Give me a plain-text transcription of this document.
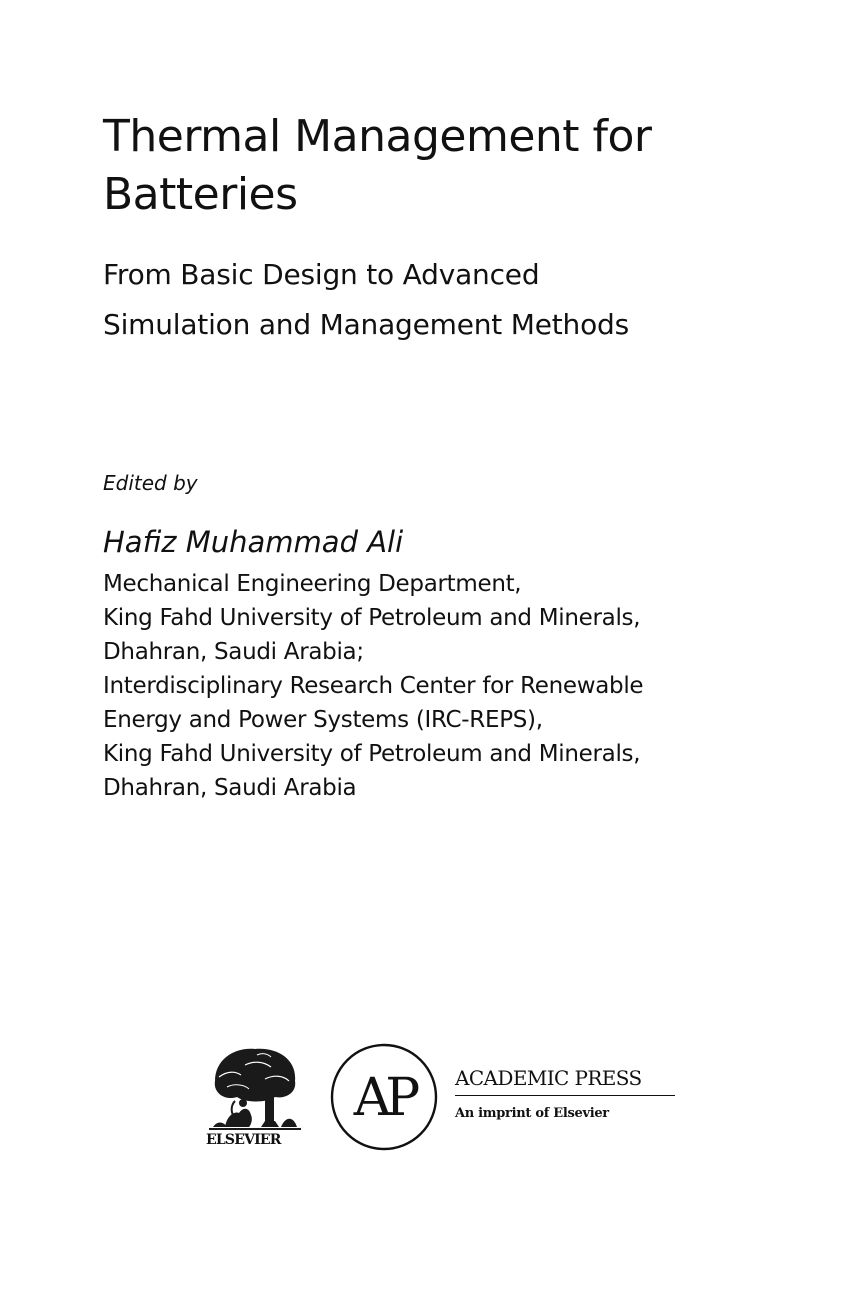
Thermal Management for
Batteries
From Basic Design to Advanced
Simulation and Management Methods
Edited by
Hafiz Muhammad Ali
Mechanical Engineering Department,
King Fahd University of Petroleum and Minerals,
Dhahran, Saudi Arabia;
Interdisciplinary Research Center for Renewable
Energy and Power Systems (IRC-REPS),
King Fahd University of Petroleum and Minerals,
Dhahran, Saudi Arabia
ELSEVIER
AP ACADEMIC PRESS
An imprint of Elsevier
